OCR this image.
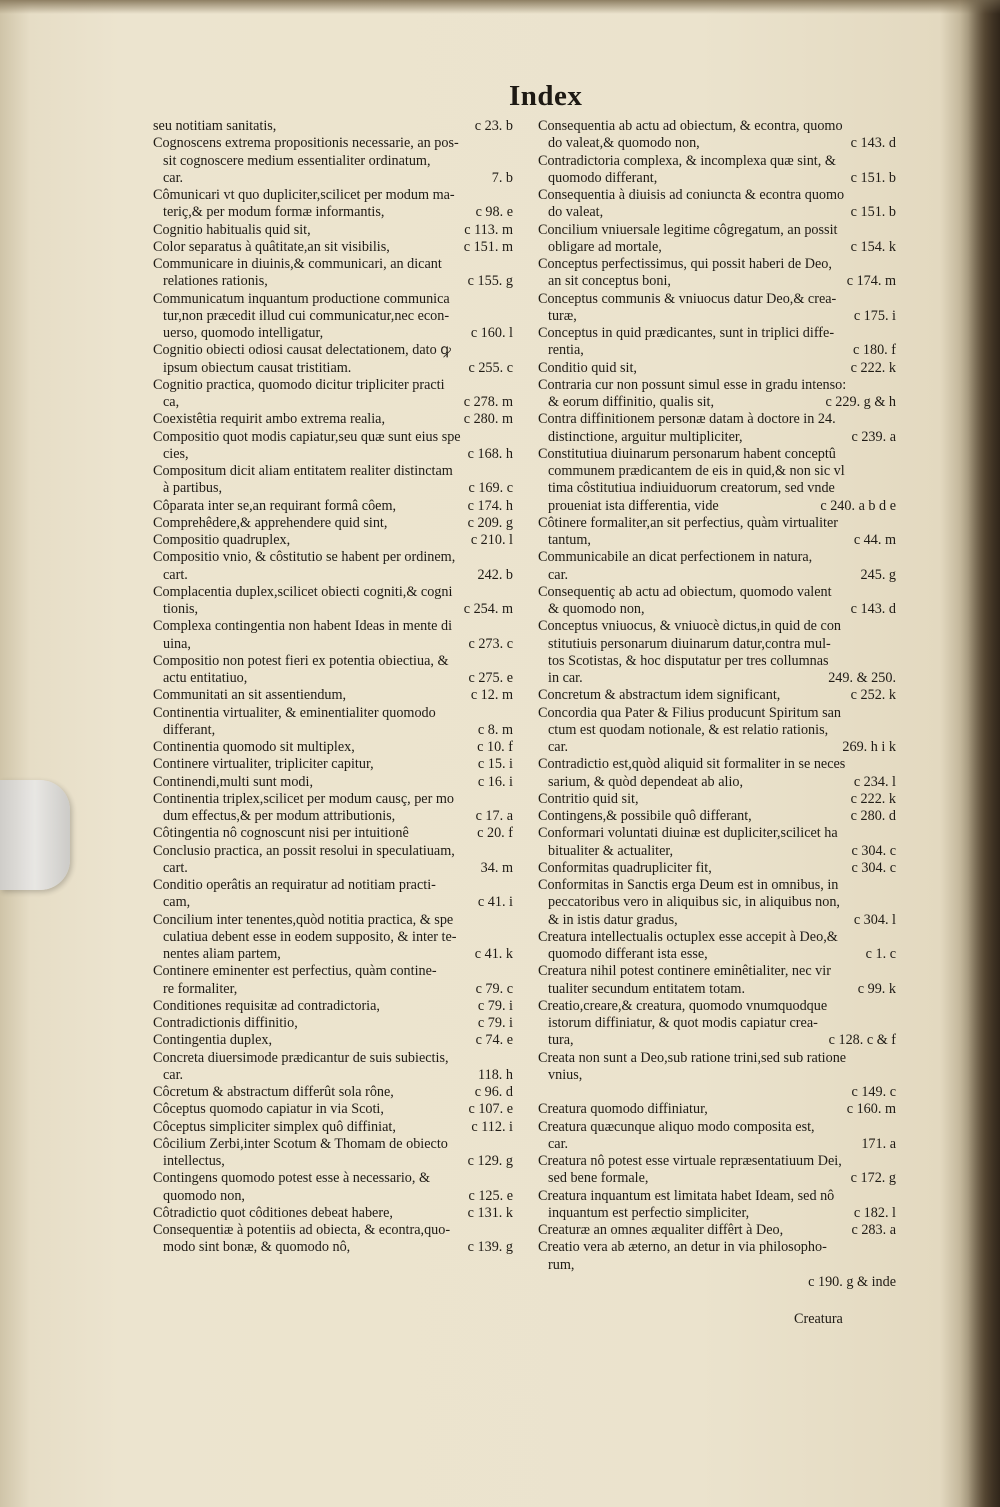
Index
seu notitiam sanitatis,	c 23. b
Cognoscens extrema propositionis necessarie, an pos-
sit cognoscere medium essentialiter ordinatum,
car.	7. b
Cômunicari vt quo dupliciter,scilicet per modum ma-
teriç,& per modum formæ informantis,	c 98. e
Cognitio habitualis quid sit,	c 113. m
Color separatus à quâtitate,an sit visibilis,	c 151. m
Communicare in diuinis,& communicari, an dicant
relationes rationis,	c 155. g
Communicatum inquantum productione communica
tur,non præcedit illud cui communicatur,nec econ-
uerso, quomodo intelligatur,	c 160. l
Cognitio obiecti odiosi causat delectationem, dato ꝙ
ipsum obiectum causat tristitiam.	c 255. c
Cognitio practica, quomodo dicitur tripliciter practi
ca,	c 278. m
Coexistêtia requirit ambo extrema realia,	c 280. m
Compositio quot modis capiatur,seu quæ sunt eius spe
cies,	c 168. h
Compositum dicit aliam entitatem realiter distinctam
à partibus,	c 169. c
Côparata inter se,an requirant formâ côem,	c 174. h
Comprehêdere,& apprehendere quid sint,	c 209. g
Compositio quadruplex,	c 210. l
Compositio vnio, & côstitutio se habent per ordinem,
cart.	242. b
Complacentia duplex,scilicet obiecti cogniti,& cogni
tionis,	c 254. m
Complexa contingentia non habent Ideas in mente di
uina,	c 273. c
Compositio non potest fieri ex potentia obiectiua, &
actu entitatiuo,	c 275. e
Communitati an sit assentiendum,	c 12. m
Continentia virtualiter, & eminentialiter quomodo
differant,	c 8. m
Continentia quomodo sit multiplex,	c 10. f
Continere virtualiter, tripliciter capitur,	c 15. i
Continendi,multi sunt modi,	c 16. i
Continentia triplex,scilicet per modum causç, per mo
dum effectus,& per modum attributionis,	c 17. a
Côtingentia nô cognoscunt nisi per intuitionê	c 20. f
Conclusio practica, an possit resolui in speculatiuam,
cart.	34. m
Conditio operâtis an requiratur ad notitiam practi-
cam,	c 41. i
Concilium inter tenentes,quòd notitia practica, & spe
culatiua debent esse in eodem supposito, & inter te-
nentes aliam partem,	c 41. k
Continere eminenter est perfectius, quàm contine-
re formaliter,	c 79. c
Conditiones requisitæ ad contradictoria,	c 79. i
Contradictionis diffinitio,	c 79. i
Contingentia duplex,	c 74. e
Concreta diuersimode prædicantur de suis subiectis,
car.	118. h
Côcretum & abstractum differût sola rône,	c 96. d
Côceptus quomodo capiatur in via Scoti,	c 107. e
Côceptus simpliciter simplex quô diffiniat,	c 112. i
Côcilium Zerbi,inter Scotum & Thomam de obiecto
intellectus,	c 129. g
Contingens quomodo potest esse à necessario, &
quomodo non,	c 125. e
Côtradictio quot côditiones debeat habere,	c 131. k
Consequentiæ à potentiis ad obiecta, & econtra,quo-
modo sint bonæ, & quomodo nô,	c 139. g
Consequentia ab actu ad obiectum, & econtra, quomo
do valeat,& quomodo non,	c 143. d
Contradictoria complexa, & incomplexa quæ sint, &
quomodo differant,	c 151. b
Consequentia à diuisis ad coniuncta & econtra quomo
do valeat,	c 151. b
Concilium vniuersale legitime côgregatum, an possit
obligare ad mortale,	c 154. k
Conceptus perfectissimus, qui possit haberi de Deo,
an sit conceptus boni,	c 174. m
Conceptus communis & vniuocus datur Deo,& crea-
turæ,	c 175. i
Conceptus in quid prædicantes, sunt in triplici diffe-
rentia,	c 180. f
Conditio quid sit,	c 222. k
Contraria cur non possunt simul esse in gradu intenso:
& eorum diffinitio, qualis sit,	c 229. g & h
Contra diffinitionem personæ datam à doctore in 24.
distinctione, arguitur multipliciter,	c 239. a
Constitutiua diuinarum personarum habent conceptû
communem prædicantem de eis in quid,& non sic vl
tima côstitutiua indiuiduorum creatorum, sed vnde
proueniat ista differentia, vide	c 240. a b d e
Côtinere formaliter,an sit perfectius, quàm virtualiter
tantum,	c 44. m
Communicabile an dicat perfectionem in natura,
car.	245. g
Consequentiç ab actu ad obiectum, quomodo valent
& quomodo non,	c 143. d
Conceptus vniuocus, & vniuocè dictus,in quid de con
stitutiuis personarum diuinarum datur,contra mul-
tos Scotistas, & hoc disputatur per tres collumnas
in car.	249. & 250.
Concretum & abstractum idem significant,	c 252. k
Concordia qua Pater & Filius producunt Spiritum san
ctum est quodam notionale, & est relatio rationis,
car.	269. h i k
Contradictio est,quòd aliquid sit formaliter in se neces
sarium, & quòd dependeat ab alio,	c 234. l
Contritio quid sit,	c 222. k
Contingens,& possibile quô differant,	c 280. d
Conformari voluntati diuinæ est dupliciter,scilicet ha
bitualiter & actualiter,	c 304. c
Conformitas quadrupliciter fit,	c 304. c
Conformitas in Sanctis erga Deum est in omnibus, in
peccatoribus vero in aliquibus sic, in aliquibus non,
& in istis datur gradus,	c 304. l
Creatura intellectualis octuplex esse accepit à Deo,&
quomodo differant ista esse,	c 1. c
Creatura nihil potest continere eminêtialiter, nec vir
tualiter secundum entitatem totam.	c 99. k
Creatio,creare,& creatura, quomodo vnumquodque
istorum diffiniatur, & quot modis capiatur crea-
tura,	c 128. c & f
Creata non sunt a Deo,sub ratione trini,sed sub ratione
vnius,
c 149. c
Creatura quomodo diffiniatur,	c 160. m
Creatura quæcunque aliquo modo composita est,
car.	171. a
Creatura nô potest esse virtuale repræsentatiuum Dei,
sed bene formale,	c 172. g
Creatura inquantum est limitata habet Ideam, sed nô
inquantum est perfectio simpliciter,	c 182. l
Creaturæ an omnes æqualiter diffêrt à Deo,	c 283. a
Creatio vera ab æterno, an detur in via philosopho-
rum,
c 190. g & inde
Creatura
